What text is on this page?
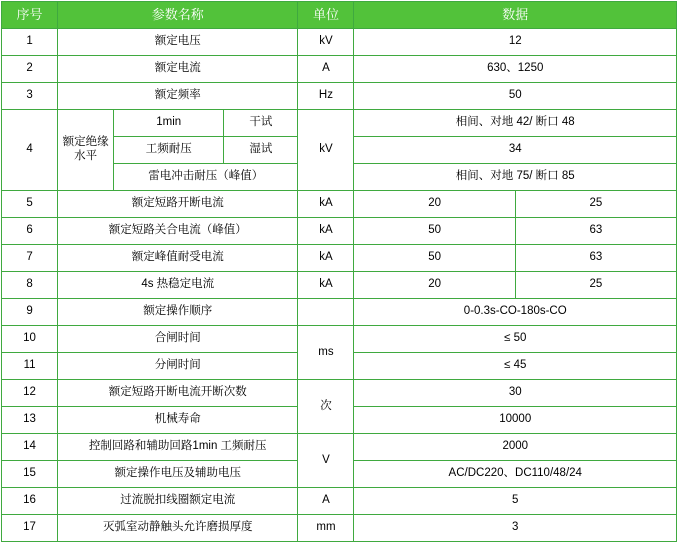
序号	参数名称			单位	数据	
1	额定电压			kV	12	
2	额定电流			A	630、1250	
3	额定频率			Hz	50	
4	额定绝缘水平	1min	干试	kV	相间、对地 42/ 断口 48	
		工频耐压	湿试		34	
		雷电冲击耐压（峰值）			相间、对地 75/ 断口 85	
5	额定短路开断电流			kA	20	25
6	额定短路关合电流（峰值）			kA	50	63
7	额定峰值耐受电流			kA	50	63
8	4s 热稳定电流			kA	20	25
9	额定操作顺序				0-0.3s-CO-180s-CO	
10	合闸时间			ms	≤ 50	
11	分闸时间				≤ 45	
12	额定短路开断电流开断次数			次	30	
13	机械寿命				10000	
14	控制回路和辅助回路1min 工频耐压			V	2000	
15	额定操作电压及辅助电压				AC/DC220、DC110/48/24	
16	过流脱扣线圈额定电流			A	5	
17	灭弧室动静触头允许磨损厚度			mm	3	
